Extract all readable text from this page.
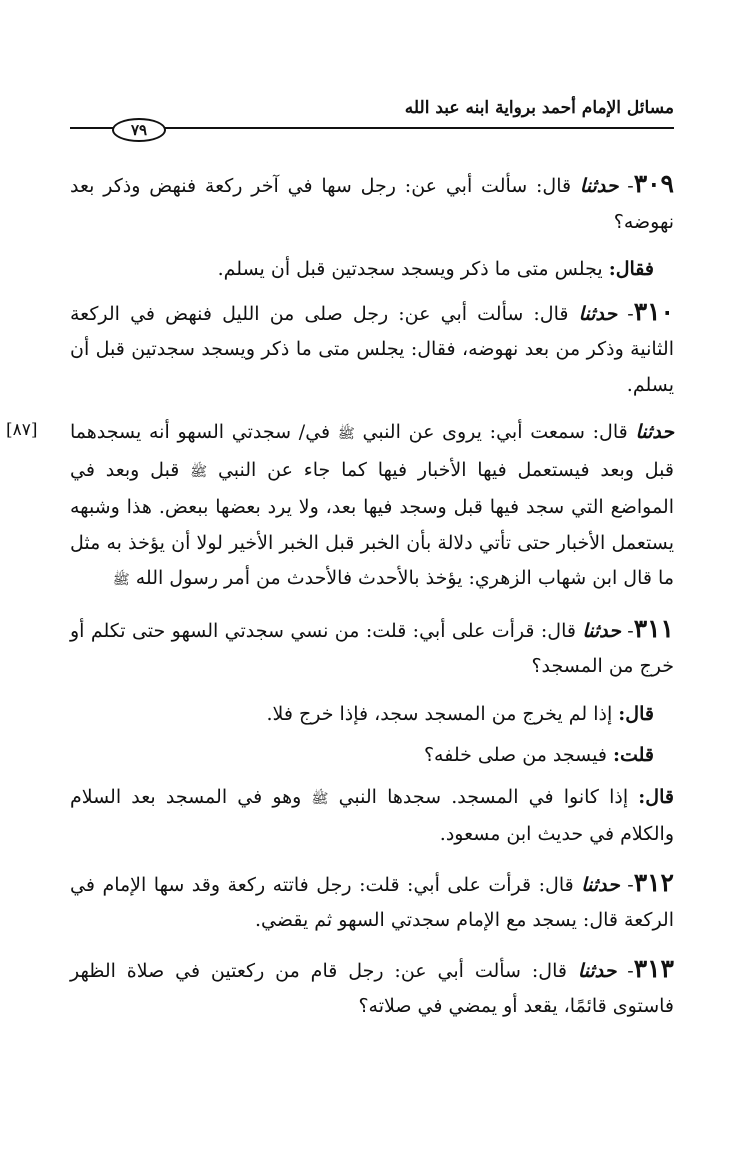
مسائل الإمام أحمد برواية ابنه عبد الله
٧٩
[٨٧]

٣٠٩- حدثنا قال: سألت أبي عن: رجل سها في آخر ركعة فنهض وذكر بعد نهوضه؟

فقال: يجلس متى ما ذكر ويسجد سجدتين قبل أن يسلم.

٣١٠- حدثنا قال: سألت أبي عن: رجل صلى من الليل فنهض في الركعة الثانية وذكر من بعد نهوضه، فقال: يجلس متى ما ذكر ويسجد سجدتين قبل أن يسلم.

حدثنا قال: سمعت أبي: يروى عن النبي ﷺ في/ سجدتي السهو أنه يسجدهما قبل وبعد فيستعمل فيها الأخبار فيها كما جاء عن النبي ﷺ قبل وبعد في المواضع التي سجد فيها قبل وسجد فيها بعد، ولا يرد بعضها ببعض. هذا وشبهه يستعمل الأخبار حتى تأتي دلالة بأن الخبر قبل الخبر الأخير لولا أن يؤخذ به مثل ما قال ابن شهاب الزهري: يؤخذ بالأحدث فالأحدث من أمر رسول الله ﷺ

٣١١- حدثنا قال: قرأت على أبي: قلت: من نسي سجدتي السهو حتى تكلم أو خرج من المسجد؟

قال: إذا لم يخرج من المسجد سجد، فإذا خرج فلا.

قلت: فيسجد من صلى خلفه؟

قال: إذا كانوا في المسجد. سجدها النبي ﷺ وهو في المسجد بعد السلام والكلام في حديث ابن مسعود.

٣١٢- حدثنا قال: قرأت على أبي: قلت: رجل فاتته ركعة وقد سها الإمام في الركعة قال: يسجد مع الإمام سجدتي السهو ثم يقضي.

٣١٣- حدثنا قال: سألت أبي عن: رجل قام من ركعتين في صلاة الظهر فاستوى قائمًا، يقعد أو يمضي في صلاته؟
